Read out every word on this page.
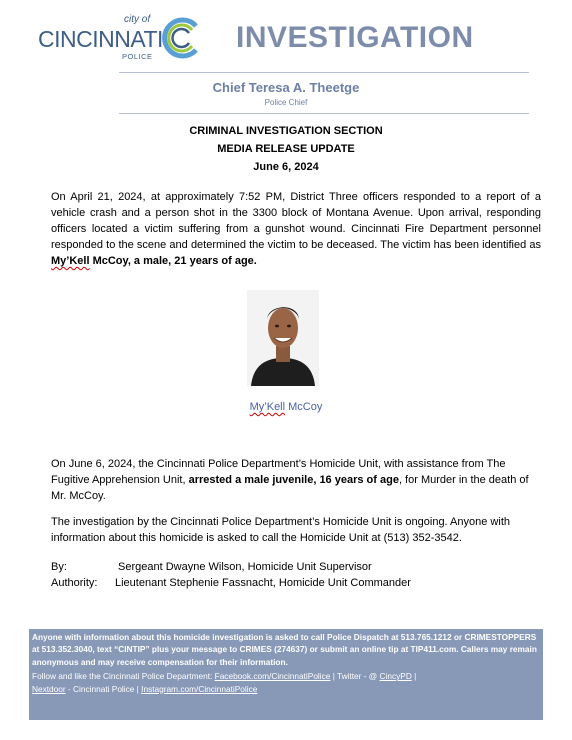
city of
CINCINNATI
POLICE
INVESTIGATION
Chief Teresa A. Theetge
Police Chief
CRIMINAL INVESTIGATION SECTION
MEDIA RELEASE UPDATE
June 6, 2024
On April 21, 2024, at approximately 7:52 PM, District Three officers responded to a report of a vehicle crash and a person shot in the 3300 block of Montana Avenue. Upon arrival, responding officers located a victim suffering from a gunshot wound. Cincinnati Fire Department personnel responded to the scene and determined the victim to be deceased. The victim has been identified as My’Kell McCoy, a male, 21 years of age.
My’Kell McCoy
On June 6, 2024, the Cincinnati Police Department’s Homicide Unit, with assistance from The Fugitive Apprehension Unit, arrested a male juvenile, 16 years of age, for Murder in the death of Mr. McCoy.
The investigation by the Cincinnati Police Department’s Homicide Unit is ongoing. Anyone with information about this homicide is asked to call the Homicide Unit at (513) 352-3542.
By:	Sergeant Dwayne Wilson, Homicide Unit Supervisor
Authority: Lieutenant Stephenie Fassnacht, Homicide Unit Commander
Anyone with information about this homicide investigation is asked to call Police Dispatch at 513.765.1212 or CRIMESTOPPERS at 513.352.3040, text “CINTIP” plus your message to CRIMES (274637) or submit an online tip at TIP411.com. Callers may remain anonymous and may receive compensation for their information.
Follow and like the Cincinnati Police Department: Facebook.com/CincinnatiPolice | Twitter - @ CincyPD |
Nextdoor - Cincinnati Police | Instagram.com/CincinnatiPolice
